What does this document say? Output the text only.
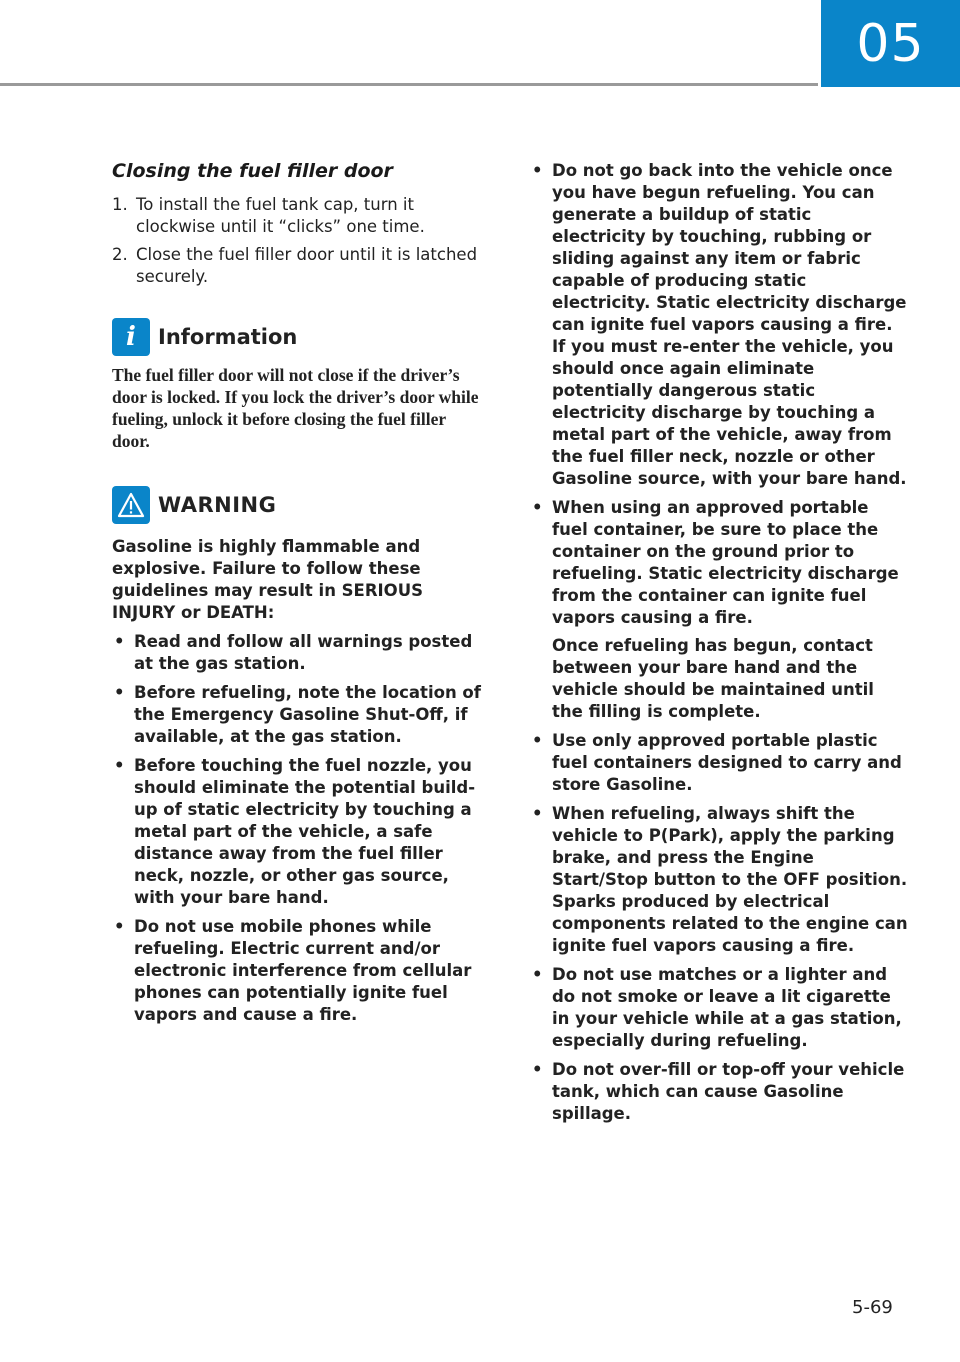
05
Closing the fuel filler door
1. To install the fuel tank cap, turn it clockwise until it “clicks” one time.
2. Close the fuel filler door until it is latched securely.
i	Information
The fuel filler door will not close if the driver’s door is locked. If you lock the driver’s door while fueling, unlock it before closing the fuel filler door.
WARNING
Gasoline is highly flammable and explosive. Failure to follow these guidelines may result in SERIOUS INJURY or DEATH:
• Read and follow all warnings posted at the gas station.
• Before refueling, note the location of the Emergency Gasoline Shut-Off, if available, at the gas station.
• Before touching the fuel nozzle, you should eliminate the potential build-up of static electricity by touching a metal part of the vehicle, a safe distance away from the fuel filler neck, nozzle, or other gas source, with your bare hand.
• Do not use mobile phones while refueling. Electric current and/or electronic interference from cellular phones can potentially ignite fuel vapors and cause a fire.
• Do not go back into the vehicle once you have begun refueling. You can generate a buildup of static electricity by touching, rubbing or sliding against any item or fabric capable of producing static electricity. Static electricity discharge can ignite fuel vapors causing a fire. If you must re-enter the vehicle, you should once again eliminate potentially dangerous static electricity discharge by touching a metal part of the vehicle, away from the fuel filler neck, nozzle or other Gasoline source, with your bare hand.
• When using an approved portable fuel container, be sure to place the container on the ground prior to refueling. Static electricity discharge from the container can ignite fuel vapors causing a fire.
Once refueling has begun, contact between your bare hand and the vehicle should be maintained until the filling is complete.
• Use only approved portable plastic fuel containers designed to carry and store Gasoline.
• When refueling, always shift the vehicle to P(Park), apply the parking brake, and press the Engine Start/Stop button to the OFF position. Sparks produced by electrical components related to the engine can ignite fuel vapors causing a fire.
• Do not use matches or a lighter and do not smoke or leave a lit cigarette in your vehicle while at a gas station, especially during refueling.
• Do not over-fill or top-off your vehicle tank, which can cause Gasoline spillage.
5-69
